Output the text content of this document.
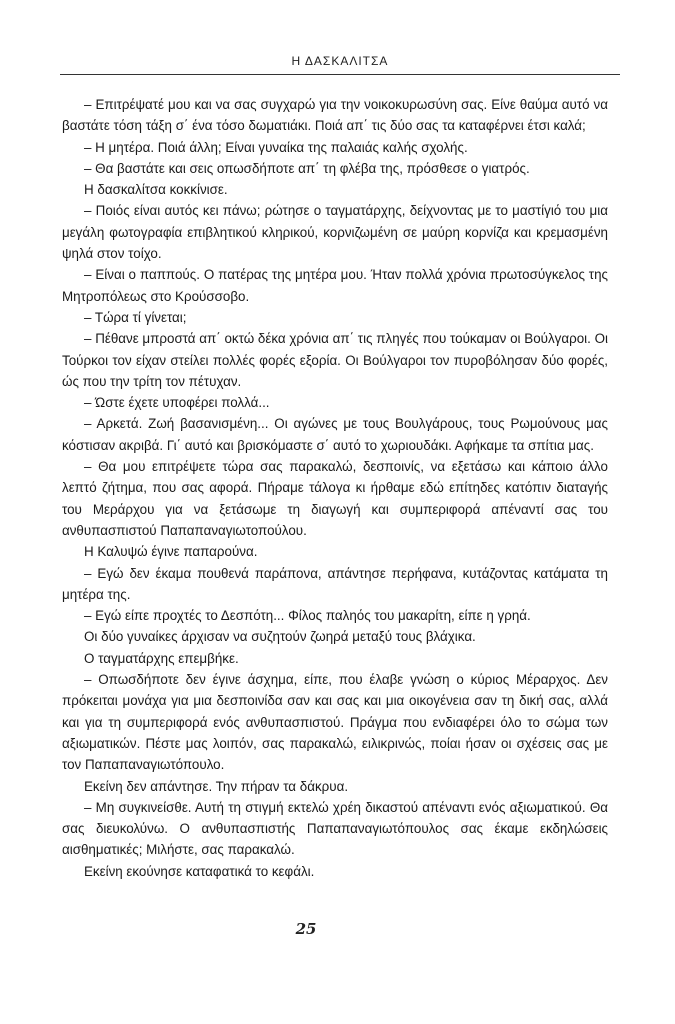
Η ΔΑΣΚΑΛΙΤΣΑ

– Επιτρέψατέ μου και να σας συγχαρώ για την νοικοκυρωσύνη σας. Είνε θαύμα αυτό να βαστάτε τόση τάξη σ΄ ένα τόσο δωματιάκι. Ποιά απ΄ τις δύο σας τα καταφέρνει έτσι καλά;

– Η μητέρα. Ποιά άλλη; Είναι γυναίκα της παλαιάς καλής σχολής.

– Θα βαστάτε και σεις οπωσδήποτε απ΄ τη φλέβα της, πρόσθεσε ο γιατρός.

Η δασκαλίτσα κοκκίνισε.

– Ποιός είναι αυτός κει πάνω; ρώτησε ο ταγματάρχης, δείχνοντας με το μαστίγιό του μια μεγάλη φωτογραφία επιβλητικού κληρικού, κορνιζωμένη σε μαύρη κορνίζα και κρεμασμένη ψηλά στον τοίχο.

– Είναι ο παππούς. Ο πατέρας της μητέρα μου. Ήταν πολλά χρόνια πρωτοσύγκελος της Μητροπόλεως στο Κρούσσοβο.

– Τώρα τί γίνεται;

– Πέθανε μπροστά απ΄ οκτώ δέκα χρόνια απ΄ τις πληγές που τούκαμαν οι Βούλγαροι. Οι Τούρκοι τον είχαν στείλει πολλές φορές εξορία. Οι Βούλγαροι τον πυροβόλησαν δύο φορές, ώς που την τρίτη τον πέτυχαν.

– Ώστε έχετε υποφέρει πολλά...

– Αρκετά. Ζωή βασανισμένη... Οι αγώνες με τους Βουλγάρους, τους Ρωμούνους μας κόστισαν ακριβά. Γι΄ αυτό και βρισκόμαστε σ΄ αυτό το χωριουδάκι. Αφήκαμε τα σπίτια μας.

– Θα μου επιτρέψετε τώρα σας παρακαλώ, δεσποινίς, να εξετάσω και κάποιο άλλο λεπτό ζήτημα, που σας αφορά. Πήραμε τάλογα κι ήρθαμε εδώ επίτηδες κατόπιν διαταγής του Μεράρχου για να ξετάσωμε τη διαγωγή και συμπεριφορά απέναντί σας του ανθυπασπιστού Παπαπαναγιωτοπούλου.

Η Καλυψώ έγινε παπαρούνα.

– Εγώ δεν έκαμα πουθενά παράπονα, απάντησε περήφανα, κυτάζοντας κατάματα τη μητέρα της.

– Εγώ είπε προχτές το Δεσπότη... Φίλος παληός του μακαρίτη, είπε η γρηά.

Οι δύο γυναίκες άρχισαν να συζητούν ζωηρά μεταξύ τους βλάχικα.

Ο ταγματάρχης επεμβήκε.

– Οπωσδήποτε δεν έγινε άσχημα, είπε, που έλαβε γνώση ο κύριος Μέραρχος. Δεν πρόκειται μονάχα για μια δεσποινίδα σαν και σας και μια οικογένεια σαν τη δική σας, αλλά και για τη συμπεριφορά ενός ανθυπασπιστού. Πράγμα που ενδιαφέρει όλο το σώμα των αξιωματικών. Πέστε μας λοιπόν, σας παρακαλώ, ειλικρινώς, ποίαι ήσαν οι σχέσεις σας με τον Παπαπαναγιωτόπουλο.

Εκείνη δεν απάντησε. Την πήραν τα δάκρυα.

– Μη συγκινείσθε. Αυτή τη στιγμή εκτελώ χρέη δικαστού απέναντι ενός αξιωματικού. Θα σας διευκολύνω. Ο ανθυπασπιστής Παπαπαναγιωτόπουλος σας έκαμε εκδηλώσεις αισθηματικές; Μιλήστε, σας παρακαλώ.

Εκείνη εκούνησε καταφατικά το κεφάλι.

25
